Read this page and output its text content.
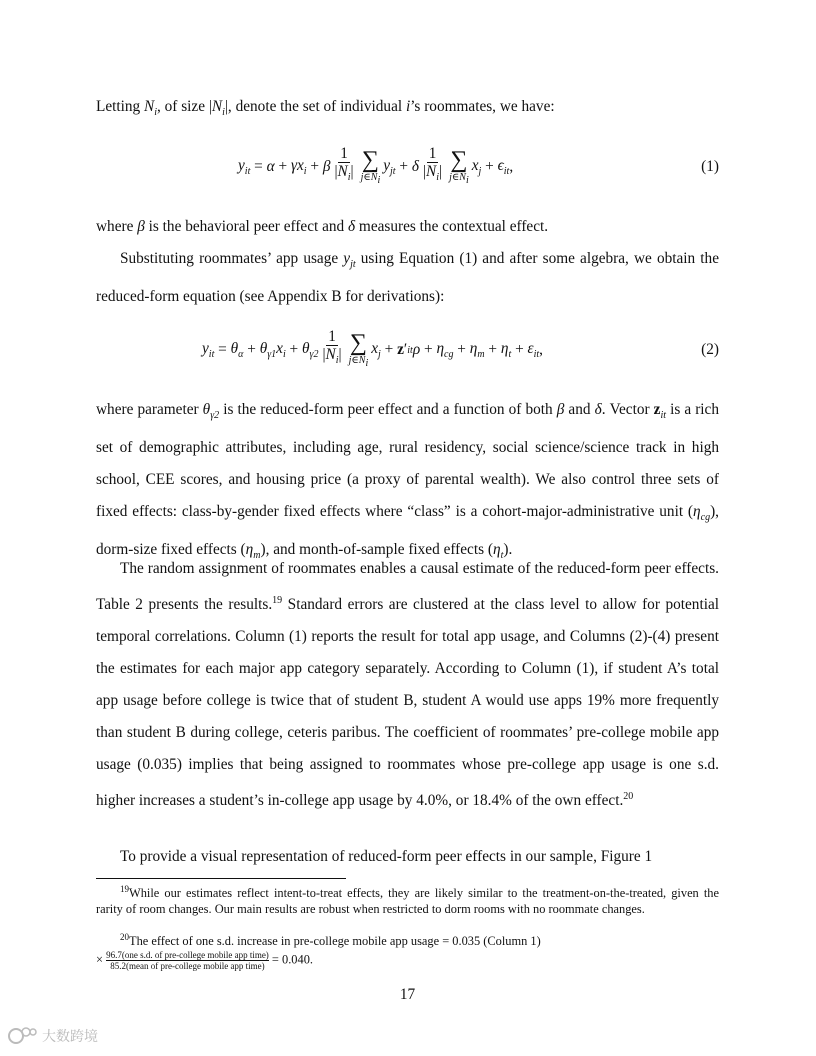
Letting $N_i$, of size $|N_i|$, denote the set of individual i’s roommates, we have:
$y_{it} = \alpha + \gamma x_i + \beta \frac{1}{|N_i|}$ ∑
$j\in N_i$
$y_{jt} + \delta \frac{1}{|N_i|}$ ∑
$j\in N_i$
$x_j + \epsilon_{it}$ ,	(1)
where β is the behavioral peer effect and δ measures the contextual effect.
Substituting roommates’ app usage $y_{jt}$ using Equation (1) and after some algebra, we obtain the reduced-form equation (see Appendix B for derivations):
$y_{it} = \theta_\alpha + \theta_{\gamma 1}x_i + \theta_{\gamma 2} \frac{1}{|N_i|}$ ∑
$j\in N_i$
$x_j + z$ ′ it $\rho + \eta_{cg} + \eta_m + \eta_t + \varepsilon_{it}$ ,	(2)
where parameter $\theta_{\gamma 2}$ is the reduced-form peer effect and a function of both β and δ. Vector $z_{it}$ is a rich set of demographic attributes, including age, rural residency, social science/science track in high school, CEE scores, and housing price (a proxy of parental wealth). We also control three sets of fixed effects: class-by-gender fixed effects where “class” is a cohort-major-administrative unit $(\eta_{cg})$, dorm-size fixed effects $(\eta_m)$, and month-of-sample fixed effects $(\eta_t)$.
The random assignment of roommates enables a causal estimate of the reduced-form peer effects. Table 2 presents the results.$^{19}$ Standard errors are clustered at the class level to allow for potential temporal correlations. Column (1) reports the result for total app usage, and Columns (2)-(4) present the estimates for each major app category separately. According to Column (1), if student A’s total app usage before college is twice that of student B, student A would use apps 19% more frequently than student B during college, ceteris paribus. The coefficient of roommates’ pre-college mobile app usage (0.035) implies that being assigned to roommates whose pre-college app usage is one s.d. higher increases a student’s in-college app usage by 4.0%, or 18.4% of the own effect.$^{20}$
To provide a visual representation of reduced-form peer effects in our sample, Figure 1
$^{19}$While our estimates reflect intent-to-treat effects, they are likely similar to the treatment-on-the-treated, given the rarity of room changes. Our main results are robust when restricted to dorm rooms with no roommate changes.
$^{20}$The effect of one s.d. increase in pre-college mobile app usage = 0.035 (Column 1)
× 96.7(one s.d. of pre-college mobile app time)
85.2(mean of pre-college mobile app time) = 0.040.
17
大数跨境
